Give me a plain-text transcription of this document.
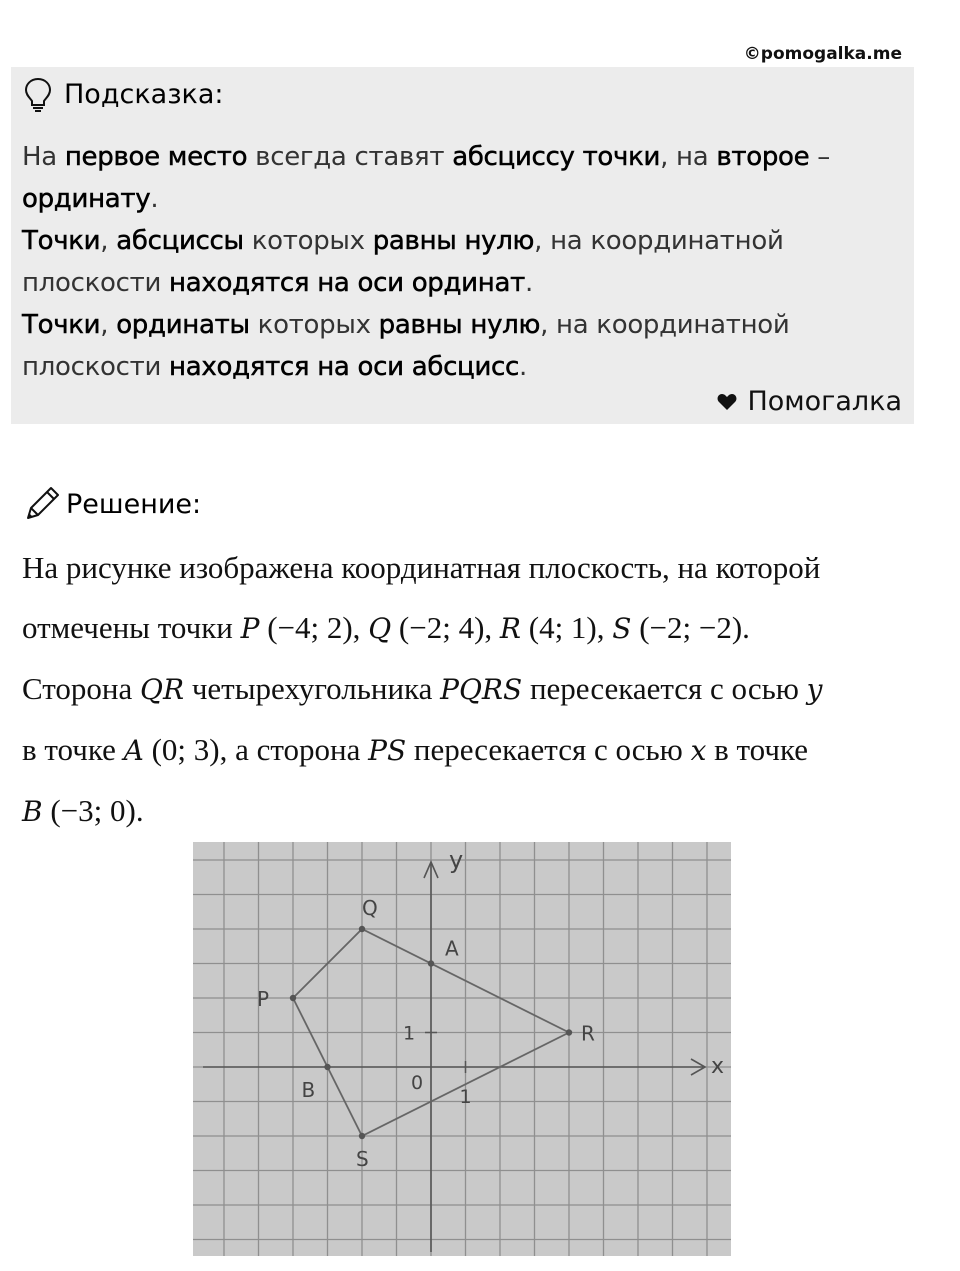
©pomogalka.me
Подсказка:
На первое место всегда ставят абсциссу точки, на второе –
ординату.
Точки, абсциссы которых равны нулю, на координатной плоскости находятся на оси ординат.
Точки, ординаты которых равны нулю, на координатной плоскости находятся на оси абсцисс.
Помогалка
Решение:
На рисунке изображена координатная плоскость, на которой отмечены точки P (−4; 2), Q (−2; 4), R (4; 1), S (−2; −2).
Сторона QR четырехугольника PQRS пересекается с осью y
в точке A (0; 3), а сторона PS пересекается с осью x в точке
B (−3; 0).
x
y
0
1
1
P
Q
R
S
A
B
